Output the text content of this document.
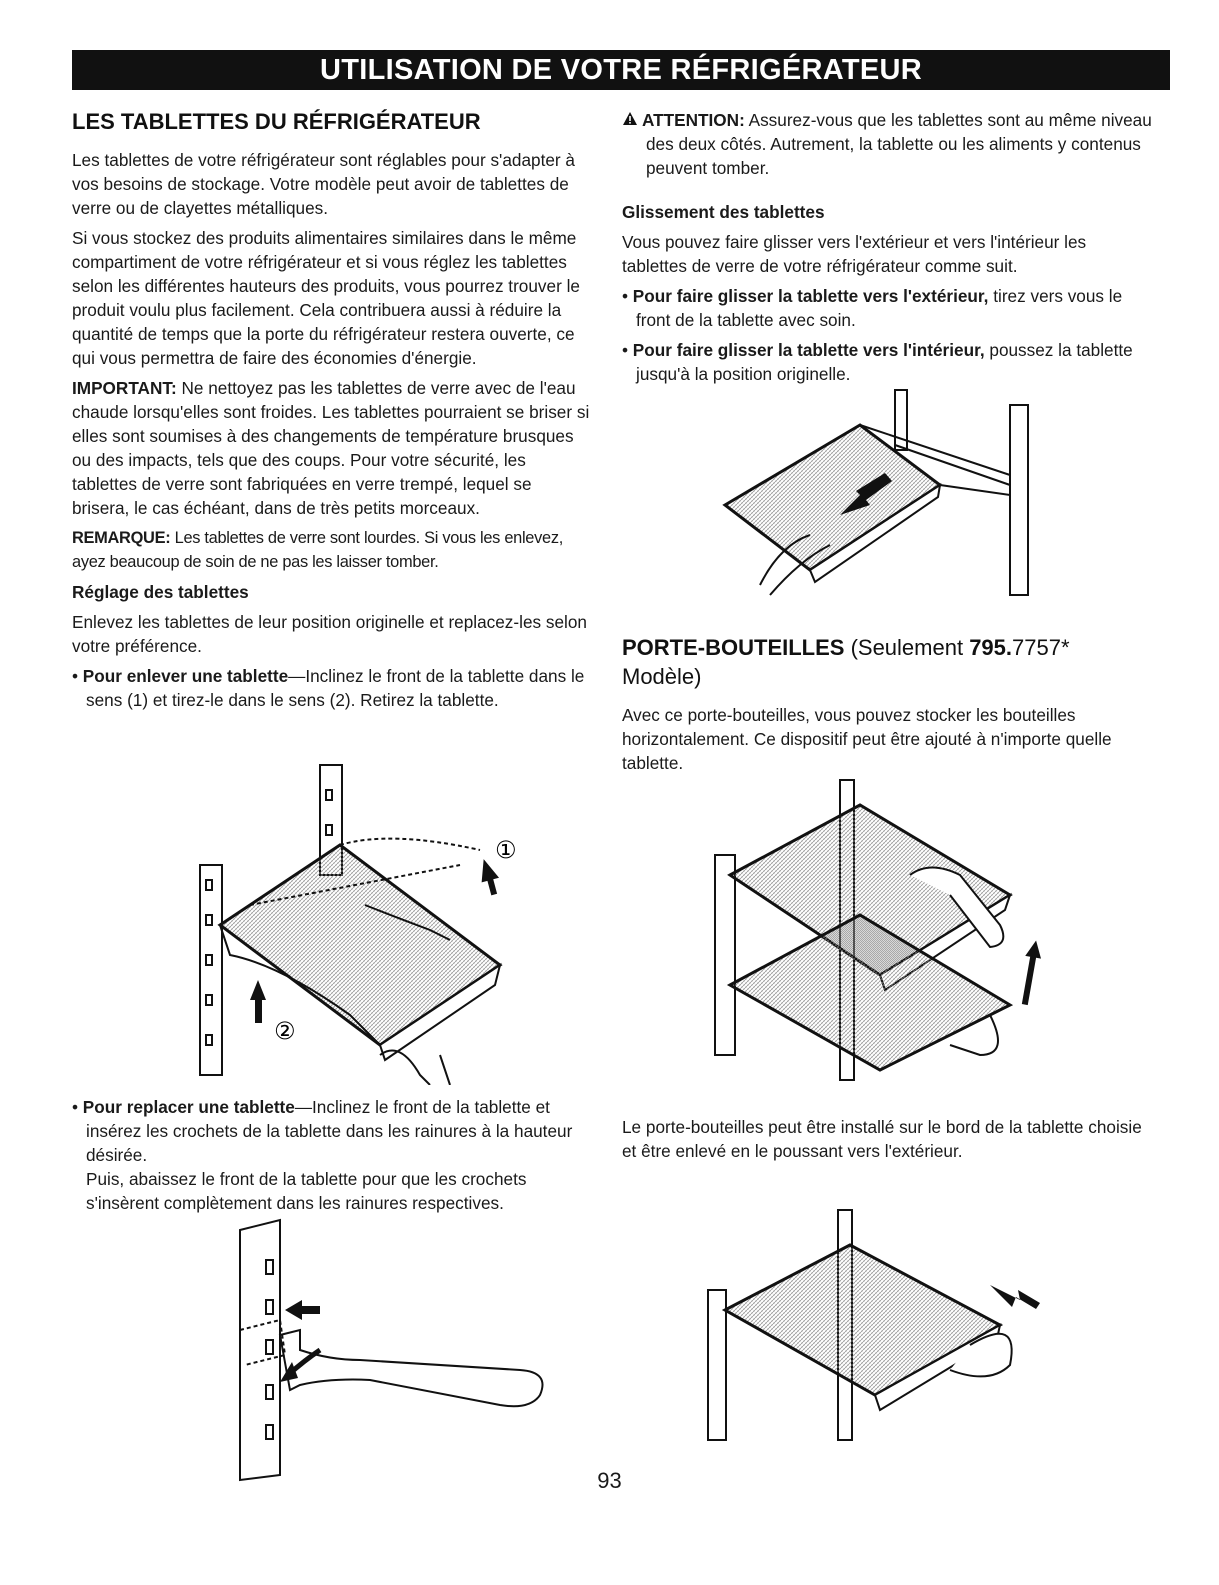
UTILISATION DE VOTRE RÉFRIGÉRATEUR
LES TABLETTES DU RÉFRIGÉRATEUR

Les tablettes de votre réfrigérateur sont réglables pour s'adapter à vos besoins de stockage. Votre modèle peut avoir de tablettes de verre ou de clayettes métalliques.

Si vous stockez des produits alimentaires similaires dans le même compartiment de votre réfrigérateur et si vous réglez les tablettes selon les différentes hauteurs des produits, vous pourrez trouver le produit voulu plus facilement. Cela contribuera aussi à réduire la quantité de temps que la porte du réfrigérateur restera ouverte, ce qui vous permettra de faire des économies d'énergie.

IMPORTANT: Ne nettoyez pas les tablettes de verre avec de l'eau chaude lorsqu'elles sont froides. Les tablettes pourraient se briser si elles sont soumises à des changements de température brusques ou des impacts, tels que des coups. Pour votre sécurité, les tablettes de verre sont fabriquées en verre trempé, lequel se brisera, le cas échéant, dans de très petits morceaux.

REMARQUE: Les tablettes de verre sont lourdes. Si vous les enlevez, ayez beaucoup de soin de ne pas les laisser tomber.

Réglage des tablettes

Enlevez les tablettes de leur position originelle et replacez-les selon votre préférence.

• Pour enlever une tablette—Inclinez le front de la tablette dans le sens (1) et tirez-le dans le sens (2). Retirez la tablette.

• Pour replacer une tablette—Inclinez le front de la tablette et insérez les crochets de la tablette dans les rainures à la hauteur désirée.
Puis, abaissez le front de la tablette pour que les crochets s'insèrent complètement dans les rainures respectives.

ATTENTION: Assurez-vous que les tablettes sont au même niveau des deux côtés. Autrement, la tablette ou les aliments y contenus peuvent tomber.

Glissement des tablettes

Vous pouvez faire glisser vers l'extérieur et vers l'intérieur les tablettes de verre de votre réfrigérateur comme suit.

• Pour faire glisser la tablette vers l'extérieur, tirez vers vous le front de la tablette avec soin.

• Pour faire glisser la tablette vers l'intérieur, poussez la tablette jusqu'à la position originelle.

PORTE-BOUTEILLES (Seulement 795.7757*
Modèle)

Avec ce porte-bouteilles, vous pouvez stocker les bouteilles horizontalement. Ce dispositif peut être ajouté à n'importe quelle tablette.

Le porte-bouteilles peut être installé sur le bord de la tablette choisie et être enlevé en le poussant vers l'extérieur.

①
②
93
